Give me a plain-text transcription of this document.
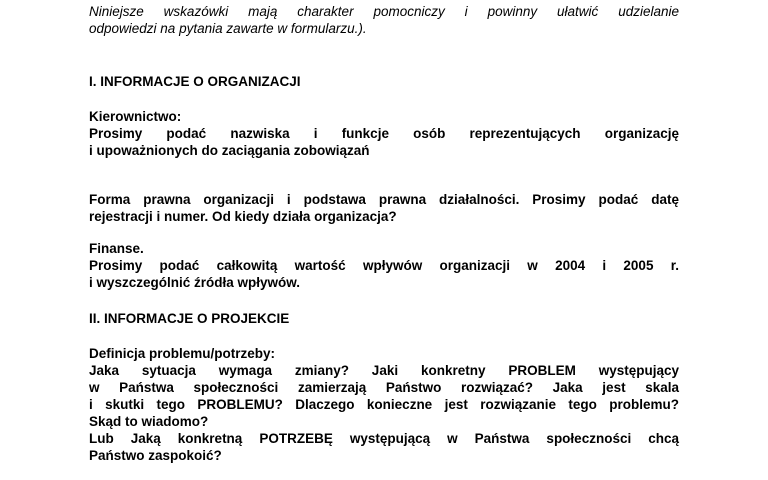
Niniejsze wskazówki mają charakter pomocniczy i powinny ułatwić udzielanie
odpowiedzi na pytania zawarte w formularzu.).
I. INFORMACJE O ORGANIZACJI
Kierownictwo:
Prosimy podać nazwiska i funkcje osób reprezentujących organizację
i upoważnionych do zaciągania zobowiązań
Forma prawna organizacji i podstawa prawna działalności. Prosimy podać datę
rejestracji i numer. Od kiedy działa organizacja?
Finanse.
Prosimy podać całkowitą wartość wpływów organizacji w 2004 i 2005 r.
i wyszczególnić źródła wpływów.
II. INFORMACJE O PROJEKCIE
Definicja problemu/potrzeby:
Jaka sytuacja wymaga zmiany? Jaki konkretny PROBLEM występujący
w Państwa społeczności zamierzają Państwo rozwiązać? Jaka jest skala
i skutki tego PROBLEMU? Dlaczego konieczne jest rozwiązanie tego problemu?
Skąd to wiadomo?
Lub Jaką konkretną POTRZEBĘ występującą w Państwa społeczności chcą
Państwo zaspokoić?
